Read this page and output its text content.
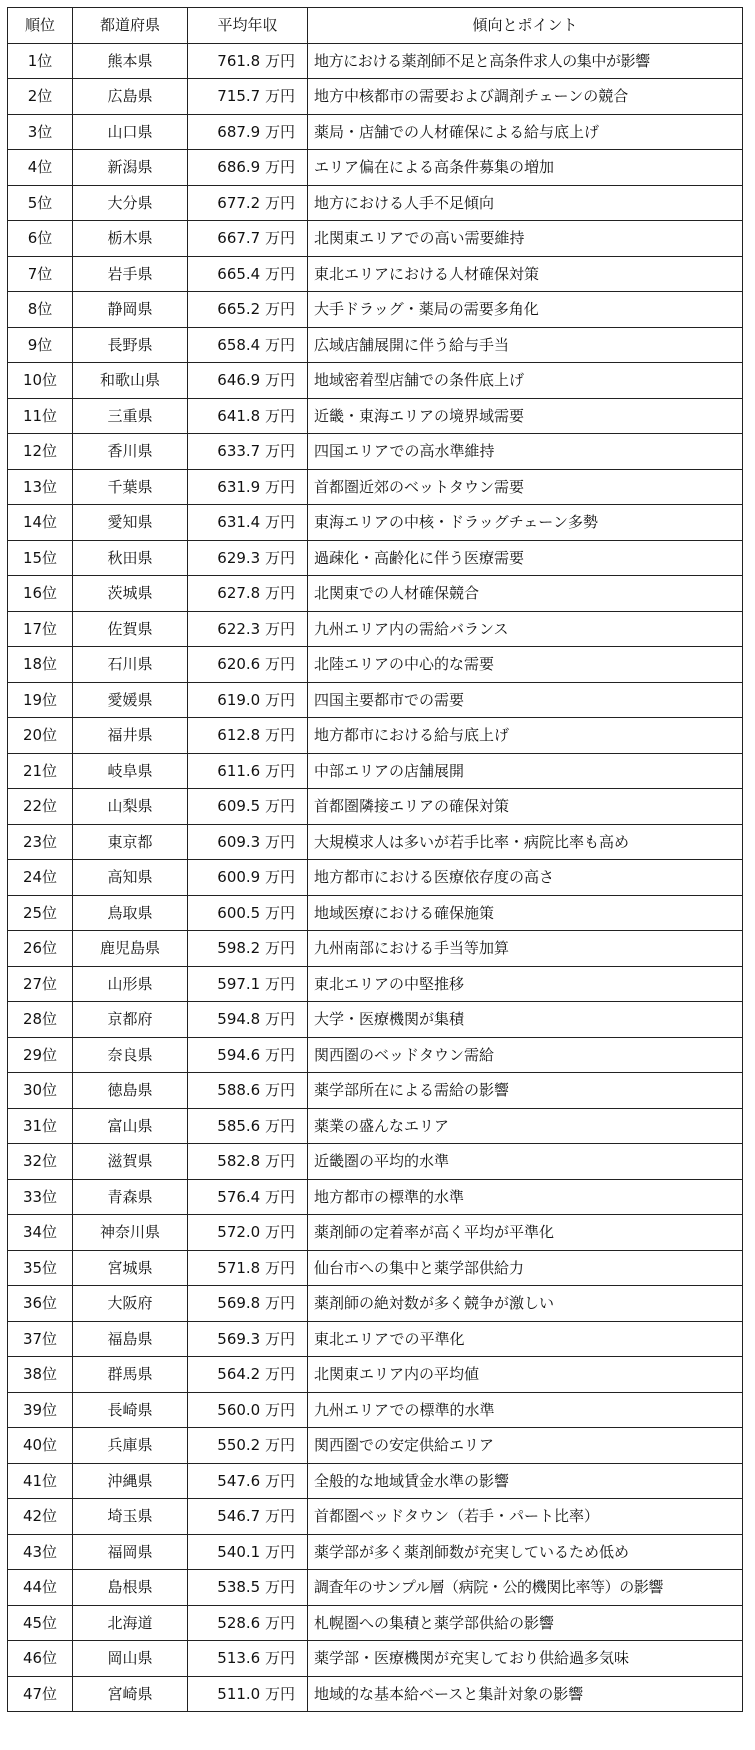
順位	都道府県	平均年収	傾向とポイント
1位	熊本県	761.8 万円	地方における薬剤師不足と高条件求人の集中が影響
2位	広島県	715.7 万円	地方中核都市の需要および調剤チェーンの競合
3位	山口県	687.9 万円	薬局・店舗での人材確保による給与底上げ
4位	新潟県	686.9 万円	エリア偏在による高条件募集の増加
5位	大分県	677.2 万円	地方における人手不足傾向
6位	栃木県	667.7 万円	北関東エリアでの高い需要維持
7位	岩手県	665.4 万円	東北エリアにおける人材確保対策
8位	静岡県	665.2 万円	大手ドラッグ・薬局の需要多角化
9位	長野県	658.4 万円	広域店舗展開に伴う給与手当
10位	和歌山県	646.9 万円	地域密着型店舗での条件底上げ
11位	三重県	641.8 万円	近畿・東海エリアの境界域需要
12位	香川県	633.7 万円	四国エリアでの高水準維持
13位	千葉県	631.9 万円	首都圏近郊のベットタウン需要
14位	愛知県	631.4 万円	東海エリアの中核・ドラッグチェーン多勢
15位	秋田県	629.3 万円	過疎化・高齢化に伴う医療需要
16位	茨城県	627.8 万円	北関東での人材確保競合
17位	佐賀県	622.3 万円	九州エリア内の需給バランス
18位	石川県	620.6 万円	北陸エリアの中心的な需要
19位	愛媛県	619.0 万円	四国主要都市での需要
20位	福井県	612.8 万円	地方都市における給与底上げ
21位	岐阜県	611.6 万円	中部エリアの店舗展開
22位	山梨県	609.5 万円	首都圏隣接エリアの確保対策
23位	東京都	609.3 万円	大規模求人は多いが若手比率・病院比率も高め
24位	高知県	600.9 万円	地方都市における医療依存度の高さ
25位	鳥取県	600.5 万円	地域医療における確保施策
26位	鹿児島県	598.2 万円	九州南部における手当等加算
27位	山形県	597.1 万円	東北エリアの中堅推移
28位	京都府	594.8 万円	大学・医療機関が集積
29位	奈良県	594.6 万円	関西圏のベッドタウン需給
30位	徳島県	588.6 万円	薬学部所在による需給の影響
31位	富山県	585.6 万円	薬業の盛んなエリア
32位	滋賀県	582.8 万円	近畿圏の平均的水準
33位	青森県	576.4 万円	地方都市の標準的水準
34位	神奈川県	572.0 万円	薬剤師の定着率が高く平均が平準化
35位	宮城県	571.8 万円	仙台市への集中と薬学部供給力
36位	大阪府	569.8 万円	薬剤師の絶対数が多く競争が激しい
37位	福島県	569.3 万円	東北エリアでの平準化
38位	群馬県	564.2 万円	北関東エリア内の平均値
39位	長崎県	560.0 万円	九州エリアでの標準的水準
40位	兵庫県	550.2 万円	関西圏での安定供給エリア
41位	沖縄県	547.6 万円	全般的な地域賃金水準の影響
42位	埼玉県	546.7 万円	首都圏ベッドタウン（若手・パート比率）
43位	福岡県	540.1 万円	薬学部が多く薬剤師数が充実しているため低め
44位	島根県	538.5 万円	調査年のサンプル層（病院・公的機関比率等）の影響
45位	北海道	528.6 万円	札幌圏への集積と薬学部供給の影響
46位	岡山県	513.6 万円	薬学部・医療機関が充実しており供給過多気味
47位	宮崎県	511.0 万円	地域的な基本給ベースと集計対象の影響
